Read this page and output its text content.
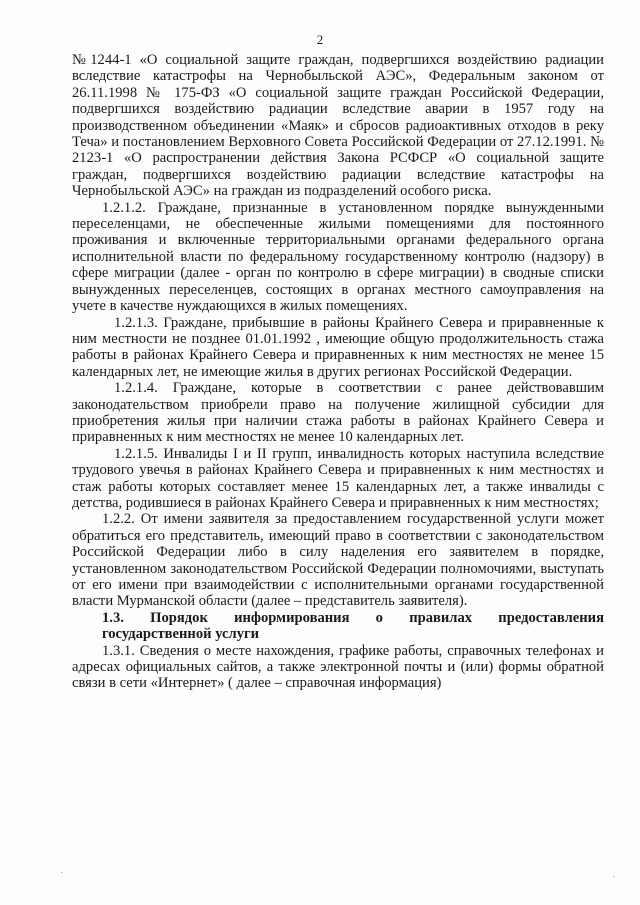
2

№1244-1 «О социальной защите граждан, подвергшихся воздействию радиации вследствие катастрофы на Чернобыльской АЭС», Федеральным законом от 26.11.1998 № 175-ФЗ «О социальной защите граждан Российской Федерации, подвергшихся воздействию радиации вследствие аварии в 1957 году на производственном объединении «Маяк» и сбросов радиоактивных отходов в реку Теча» и постановлением Верховного Совета Российской Федерации от 27.12.1991. № 2123-1 «О распространении действия Закона РСФСР «О социальной защите граждан, подвергшихся воздействию радиации вследствие катастрофы на Чернобыльской АЭС» на граждан из подразделений особого риска.

1.2.1.2. Граждане, признанные в установленном порядке вынужденными переселенцами, не обеспеченные жилыми помещениями для постоянного проживания и включенные территориальными органами федерального органа исполнительной власти по федеральному государственному контролю (надзору) в сфере миграции (далее - орган по контролю в сфере миграции) в сводные списки вынужденных переселенцев, состоящих в органах местного самоуправления на учете в качестве нуждающихся в жилых помещениях.

1.2.1.3. Граждане, прибывшие в районы Крайнего Севера и приравненные к ним местности не позднее 01.01.1992 , имеющие общую продолжительность стажа работы в районах Крайнего Севера и приравненных к ним местностях не менее 15 календарных лет, не имеющие жилья в других регионах Российской Федерации.

1.2.1.4. Граждане, которые в соответствии с ранее действовавшим законодательством приобрели право на получение жилищной субсидии для приобретения жилья при наличии стажа работы в районах Крайнего Севера и приравненных к ним местностях не менее 10 календарных лет.

1.2.1.5. Инвалиды I и II групп, инвалидность которых наступила вследствие трудового увечья в районах Крайнего Севера и приравненных к ним местностях и стаж работы которых составляет менее 15 календарных лет, а также инвалиды с детства, родившиеся в районах Крайнего Севера и приравненных к ним местностях;

1.2.2. От имени заявителя за предоставлением государственной услуги может обратиться его представитель, имеющий право в соответствии с законодательством Российской Федерации либо в силу наделения его заявителем в порядке, установленном законодательством Российской Федерации полномочиями, выступать от его имени при взаимодействии с исполнительными органами государственной власти Мурманской области (далее – представитель заявителя).

1.3. Порядок информирования о правилах предоставления государственной услуги

1.3.1. Сведения о месте нахождения, графике работы, справочных телефонах и адресах официальных сайтов, а также электронной почты и (или) формы обратной связи в сети «Интернет» ( далее – справочная информация)

·	·
